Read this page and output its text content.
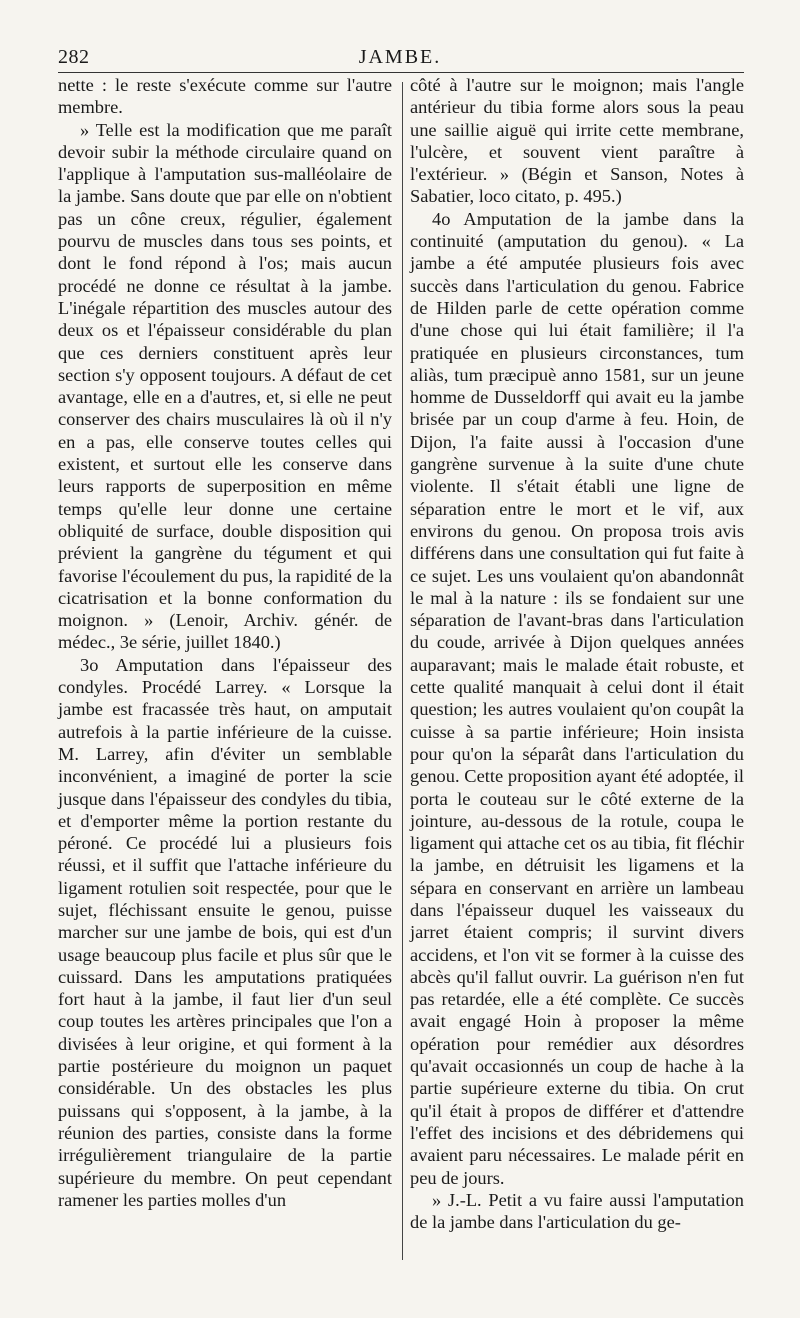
282	JAMBE.

nette : le reste s'exécute comme sur l'autre membre.

» Telle est la modification que me paraît devoir subir la méthode circulaire quand on l'applique à l'amputation sus-malléolaire de la jambe. Sans doute que par elle on n'obtient pas un cône creux, régulier, également pourvu de muscles dans tous ses points, et dont le fond répond à l'os; mais aucun procédé ne donne ce résultat à la jambe. L'inégale répartition des muscles autour des deux os et l'épaisseur considérable du plan que ces derniers constituent après leur section s'y opposent toujours. A défaut de cet avantage, elle en a d'autres, et, si elle ne peut conserver des chairs musculaires là où il n'y en a pas, elle conserve toutes celles qui existent, et surtout elle les conserve dans leurs rapports de superposition en même temps qu'elle leur donne une certaine obliquité de surface, double disposition qui prévient la gangrène du tégument et qui favorise l'écoulement du pus, la rapidité de la cicatrisation et la bonne conformation du moignon. » (Lenoir, Archiv. génér. de médec., 3e série, juillet 1840.)

3o Amputation dans l'épaisseur des condyles. Procédé Larrey. « Lorsque la jambe est fracassée très haut, on amputait autrefois à la partie inférieure de la cuisse. M. Larrey, afin d'éviter un semblable inconvénient, a imaginé de porter la scie jusque dans l'épaisseur des condyles du tibia, et d'emporter même la portion restante du péroné. Ce procédé lui a plusieurs fois réussi, et il suffit que l'attache inférieure du ligament rotulien soit respectée, pour que le sujet, fléchissant ensuite le genou, puisse marcher sur une jambe de bois, qui est d'un usage beaucoup plus facile et plus sûr que le cuissard. Dans les amputations pratiquées fort haut à la jambe, il faut lier d'un seul coup toutes les artères principales que l'on a divisées à leur origine, et qui forment à la partie postérieure du moignon un paquet considérable. Un des obstacles les plus puissans qui s'opposent, à la jambe, à la réunion des parties, consiste dans la forme irrégulièrement triangulaire de la partie supérieure du membre. On peut cependant ramener les parties molles d'un

côté à l'autre sur le moignon; mais l'angle antérieur du tibia forme alors sous la peau une saillie aiguë qui irrite cette membrane, l'ulcère, et souvent vient paraître à l'extérieur. » (Bégin et Sanson, Notes à Sabatier, loco citato, p. 495.)

4o Amputation de la jambe dans la continuité (amputation du genou). « La jambe a été amputée plusieurs fois avec succès dans l'articulation du genou. Fabrice de Hilden parle de cette opération comme d'une chose qui lui était familière; il l'a pratiquée en plusieurs circonstances, tum aliàs, tum præcipuè anno 1581, sur un jeune homme de Dusseldorff qui avait eu la jambe brisée par un coup d'arme à feu. Hoin, de Dijon, l'a faite aussi à l'occasion d'une gangrène survenue à la suite d'une chute violente. Il s'était établi une ligne de séparation entre le mort et le vif, aux environs du genou. On proposa trois avis différens dans une consultation qui fut faite à ce sujet. Les uns voulaient qu'on abandonnât le mal à la nature : ils se fondaient sur une séparation de l'avant-bras dans l'articulation du coude, arrivée à Dijon quelques années auparavant; mais le malade était robuste, et cette qualité manquait à celui dont il était question; les autres voulaient qu'on coupât la cuisse à sa partie inférieure; Hoin insista pour qu'on la séparât dans l'articulation du genou. Cette proposition ayant été adoptée, il porta le couteau sur le côté externe de la jointure, au-dessous de la rotule, coupa le ligament qui attache cet os au tibia, fit fléchir la jambe, en détruisit les ligamens et la sépara en conservant en arrière un lambeau dans l'épaisseur duquel les vaisseaux du jarret étaient compris; il survint divers accidens, et l'on vit se former à la cuisse des abcès qu'il fallut ouvrir. La guérison n'en fut pas retardée, elle a été complète. Ce succès avait engagé Hoin à proposer la même opération pour remédier aux désordres qu'avait occasionnés un coup de hache à la partie supérieure externe du tibia. On crut qu'il était à propos de différer et d'attendre l'effet des incisions et des débridemens qui avaient paru nécessaires. Le malade périt en peu de jours.

» J.-L. Petit a vu faire aussi l'amputation de la jambe dans l'articulation du ge-
